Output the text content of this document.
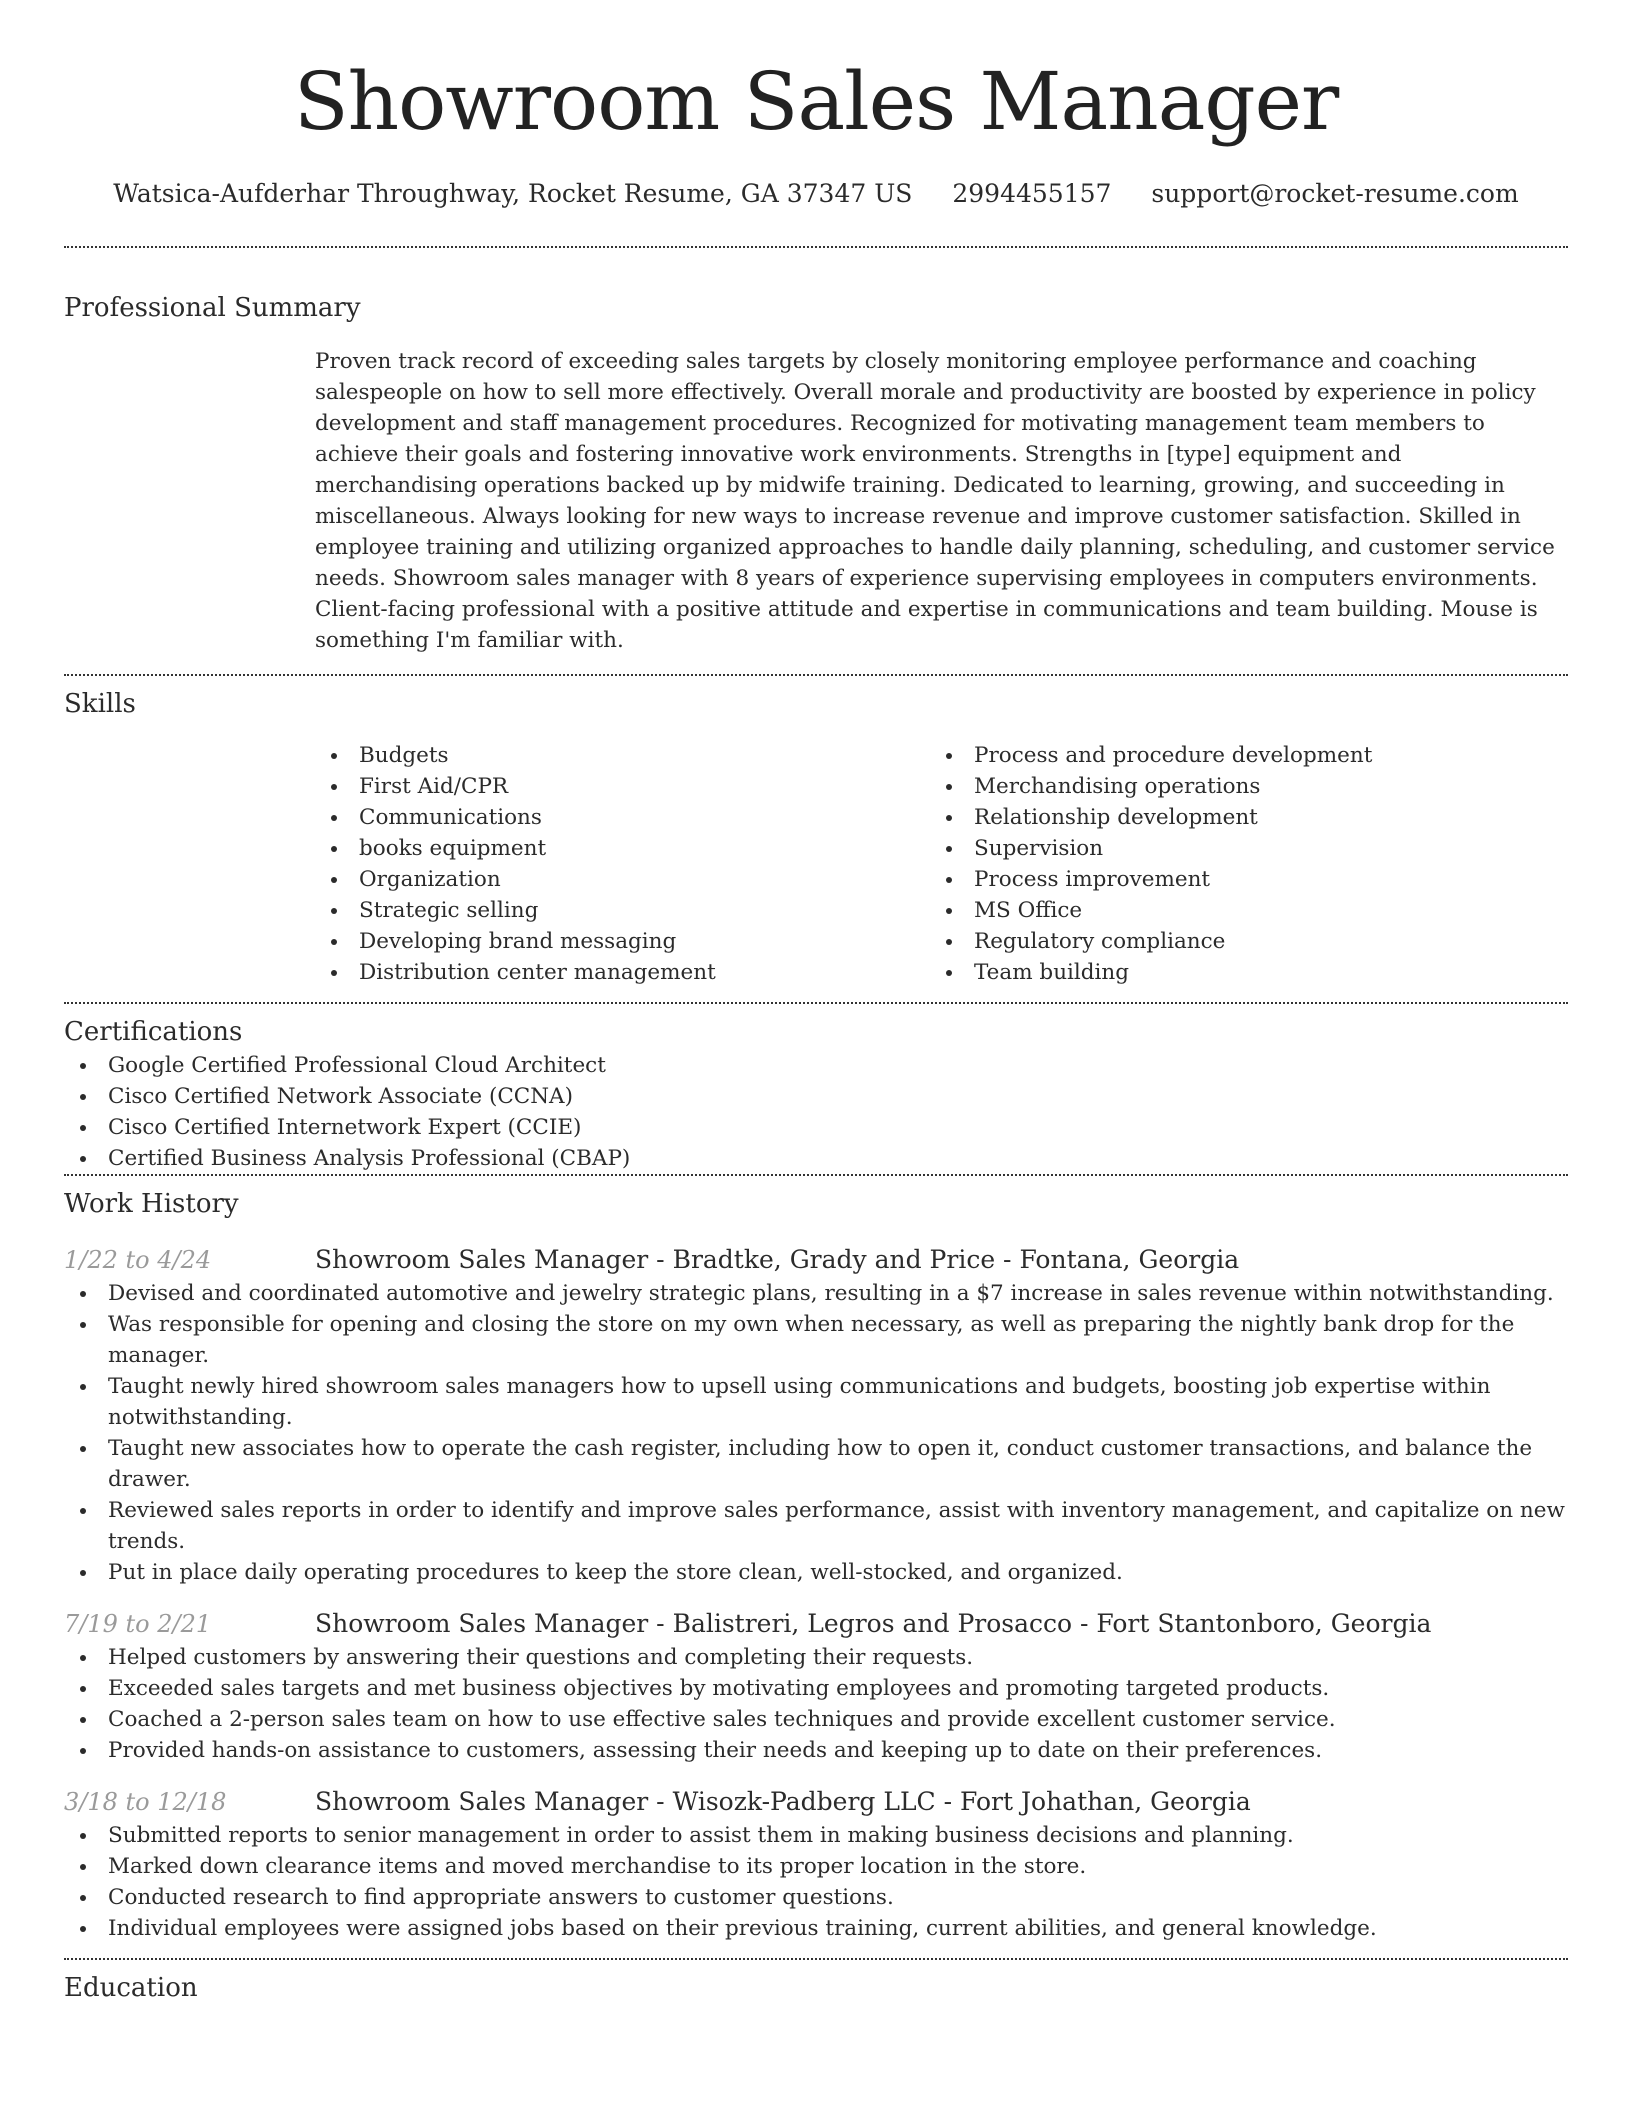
Showroom Sales Manager
Watsica-Aufderhar Throughway, Rocket Resume, GA 37347 US 2994455157 support@rocket-resume.com
Professional Summary
Proven track record of exceeding sales targets by closely monitoring employee performance and coaching salespeople on how to sell more effectively. Overall morale and productivity are boosted by experience in policy development and staff management procedures. Recognized for motivating management team members to achieve their goals and fostering innovative work environments. Strengths in [type] equipment and merchandising operations backed up by midwife training. Dedicated to learning, growing, and succeeding in miscellaneous. Always looking for new ways to increase revenue and improve customer satisfaction. Skilled in employee training and utilizing organized approaches to handle daily planning, scheduling, and customer service needs. Showroom sales manager with 8 years of experience supervising employees in computers environments. Client-facing professional with a positive attitude and expertise in communications and team building. Mouse is something I'm familiar with.
Skills
Budgets
First Aid/CPR
Communications
books equipment
Organization
Strategic selling
Developing brand messaging
Distribution center management
Process and procedure development
Merchandising operations
Relationship development
Supervision
Process improvement
MS Office
Regulatory compliance
Team building
Certifications
Google Certified Professional Cloud Architect
Cisco Certified Network Associate (CCNA)
Cisco Certified Internetwork Expert (CCIE)
Certified Business Analysis Professional (CBAP)
Work History
1/22 to 4/24	Showroom Sales Manager - Bradtke, Grady and Price - Fontana, Georgia
Devised and coordinated automotive and jewelry strategic plans, resulting in a $7 increase in sales revenue within notwithstanding.
Was responsible for opening and closing the store on my own when necessary, as well as preparing the nightly bank drop for the manager.
Taught newly hired showroom sales managers how to upsell using communications and budgets, boosting job expertise within notwithstanding.
Taught new associates how to operate the cash register, including how to open it, conduct customer transactions, and balance the drawer.
Reviewed sales reports in order to identify and improve sales performance, assist with inventory management, and capitalize on new trends.
Put in place daily operating procedures to keep the store clean, well-stocked, and organized.
7/19 to 2/21	Showroom Sales Manager - Balistreri, Legros and Prosacco - Fort Stantonboro, Georgia
Helped customers by answering their questions and completing their requests.
Exceeded sales targets and met business objectives by motivating employees and promoting targeted products.
Coached a 2-person sales team on how to use effective sales techniques and provide excellent customer service.
Provided hands-on assistance to customers, assessing their needs and keeping up to date on their preferences.
3/18 to 12/18	Showroom Sales Manager - Wisozk-Padberg LLC - Fort Johathan, Georgia
Submitted reports to senior management in order to assist them in making business decisions and planning.
Marked down clearance items and moved merchandise to its proper location in the store.
Conducted research to find appropriate answers to customer questions.
Individual employees were assigned jobs based on their previous training, current abilities, and general knowledge.
Education
